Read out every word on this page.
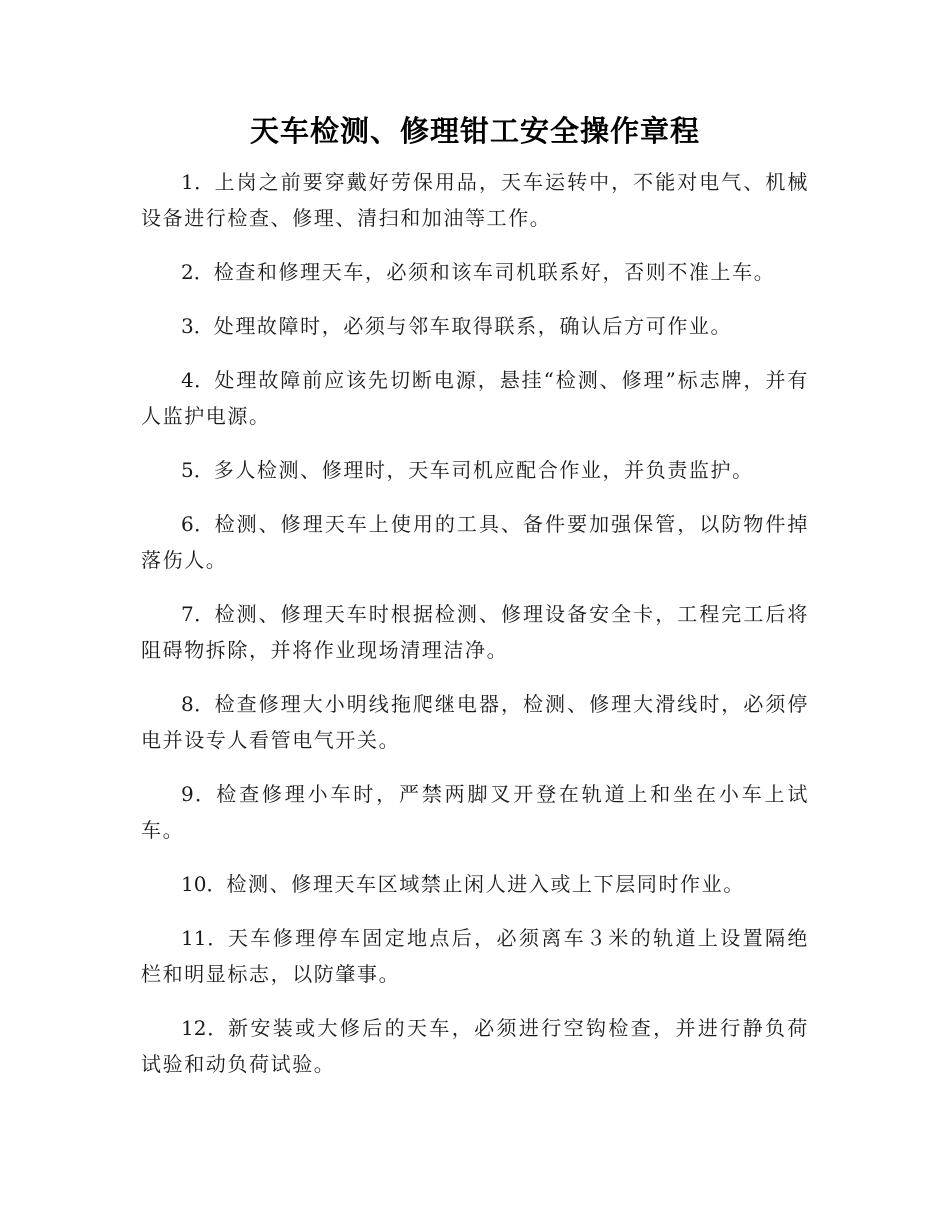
天车检测、修理钳工安全操作章程

1．上岗之前要穿戴好劳保用品，天车运转中，不能对电气、机械设备进行检查、修理、清扫和加油等工作。

2．检查和修理天车，必须和该车司机联系好，否则不准上车。

3．处理故障时，必须与邻车取得联系，确认后方可作业。

4．处理故障前应该先切断电源，悬挂“检测、修理”标志牌，并有人监护电源。

5．多人检测、修理时，天车司机应配合作业，并负责监护。

6．检测、修理天车上使用的工具、备件要加强保管，以防物件掉落伤人。

7．检测、修理天车时根据检测、修理设备安全卡，工程完工后将阻碍物拆除，并将作业现场清理洁净。

8．检查修理大小明线拖爬继电器，检测、修理大滑线时，必须停电并设专人看管电气开关。

9．检查修理小车时，严禁两脚叉开登在轨道上和坐在小车上试车。

10．检测、修理天车区域禁止闲人进入或上下层同时作业。

11．天车修理停车固定地点后，必须离车３米的轨道上设置隔绝栏和明显标志，以防肇事。

12．新安装或大修后的天车，必须进行空钩检查，并进行静负荷试验和动负荷试验。
